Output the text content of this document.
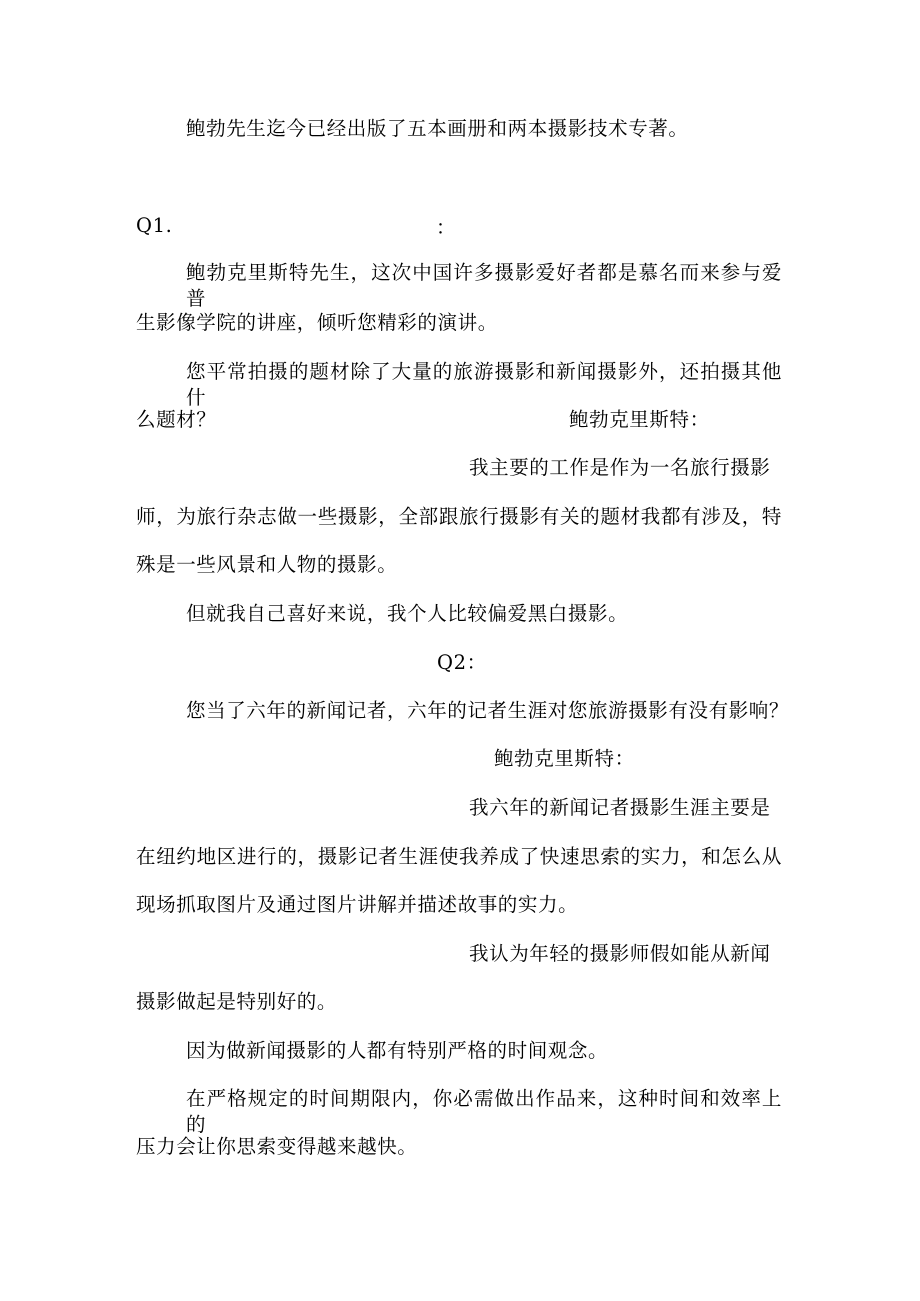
鲍勃先生迄今已经出版了五本画册和两本摄影技术专著。
Q1.	：
鲍勃克里斯特先生，这次中国许多摄影爱好者都是慕名而来参与爱普
生影像学院的讲座，倾听您精彩的演讲。
您平常拍摄的题材除了大量的旅游摄影和新闻摄影外，还拍摄其他什
么题材？	鲍勃克里斯特：
我主要的工作是作为一名旅行摄影
师，为旅行杂志做一些摄影，全部跟旅行摄影有关的题材我都有涉及，特
殊是一些风景和人物的摄影。
但就我自己喜好来说，我个人比较偏爱黑白摄影。
Q2：
您当了六年的新闻记者，六年的记者生涯对您旅游摄影有没有影响？
鲍勃克里斯特：
我六年的新闻记者摄影生涯主要是
在纽约地区进行的，摄影记者生涯使我养成了快速思索的实力，和怎么从
现场抓取图片及通过图片讲解并描述故事的实力。
我认为年轻的摄影师假如能从新闻
摄影做起是特别好的。
因为做新闻摄影的人都有特别严格的时间观念。
在严格规定的时间期限内，你必需做出作品来，这种时间和效率上的
压力会让你思索变得越来越快。
